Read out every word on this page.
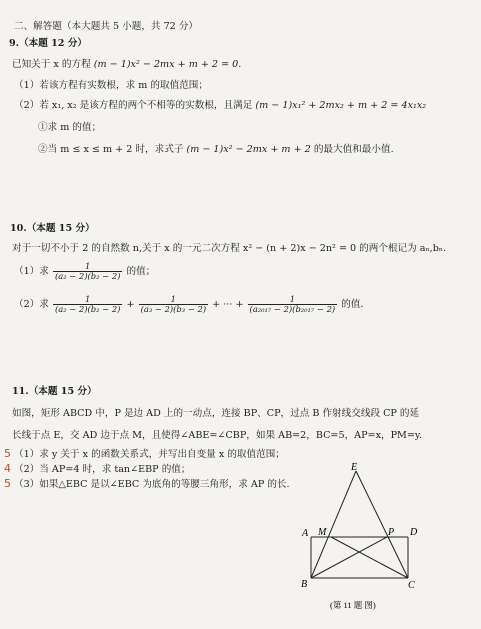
二、解答题（本大题共 5 小题，共 72 分）
9.（本题 12 分）
已知关于 x 的方程 (m − 1)x² − 2mx + m + 2 = 0.
（1）若该方程有实数根，求 m 的取值范围；
（2）若 x₁, x₂ 是该方程的两个不相等的实数根，且满足 (m − 1)x₁² + 2mx₂ + m + 2 = 4x₁x₂
①求 m 的值；
②当 m ≤ x ≤ m + 2 时，求式子 (m − 1)x² − 2mx + m + 2 的最大值和最小值.
10.（本题 15 分）
对于一切不小于 2 的自然数 n,关于 x 的一元二次方程 x² − (n + 2)x − 2n² = 0 的两个根记为 aₙ,bₙ.
（1）求 $\frac{1}{\text{(a₂ − 2)(b₂ − 2)}}$ 的值；
（2）求 $\frac{1}{\text{(a₂ − 2)(b₂ − 2)}} + \frac{1}{\text{(a₃ − 2)(b₃ − 2)}}$ + ··· + $\frac{1}{\text{(a₂₀₁₇ − 2)(b₂₀₁₇ − 2)}}$ 的值.
11.（本题 15 分）
如图，矩形 ABCD 中，P 是边 AD 上的一动点，连接 BP、CP，过点 B 作射线交线段 CP 的延
长线于点 E，交 AD 边于点 M，且使得∠ABE=∠CBP，如果 AB=2，BC=5，AP=x，PM=y.
（1）求 y 关于 x 的函数关系式，并写出自变量 x 的取值范围；
（2）当 AP=4 时，求 tan∠EBP 的值；
（3）如果△EBC 是以∠EBC 为底角的等腰三角形，求 AP 的长.
5
4
5
E
A M	P D
B	C
(第 11 题 图)
